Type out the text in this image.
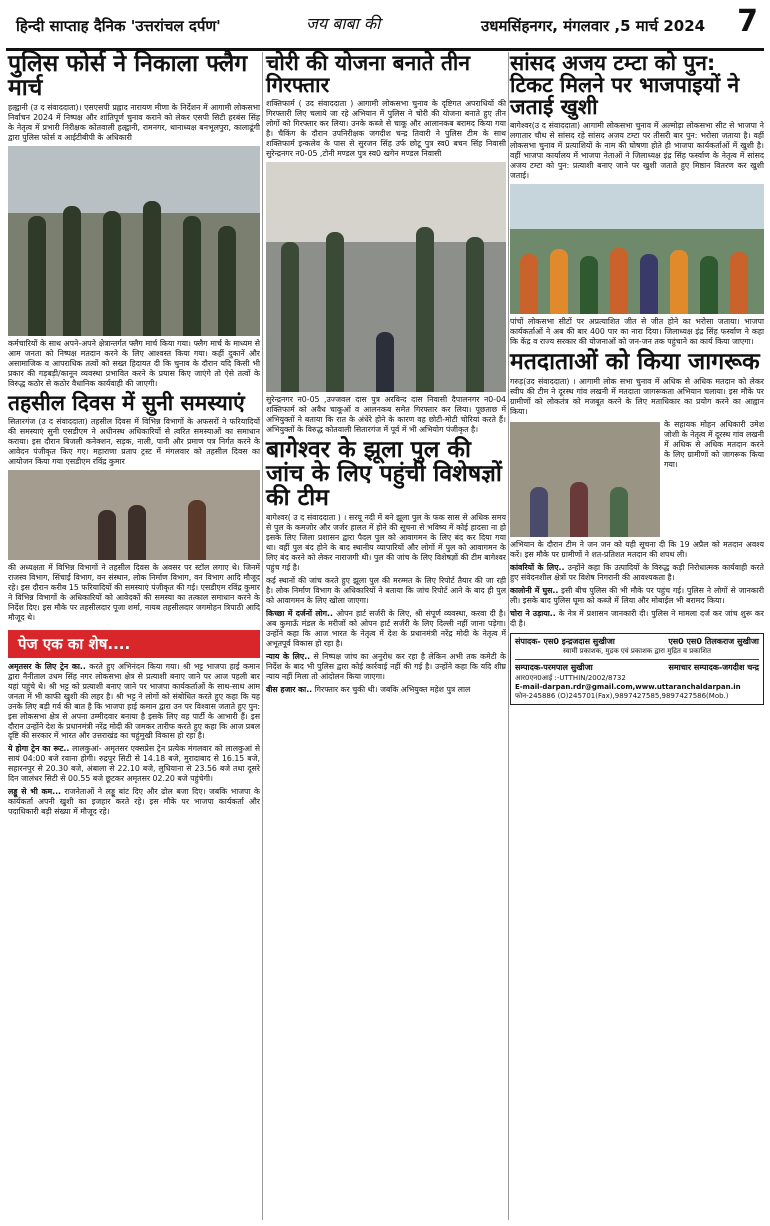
हिन्दी साप्ताह दैनिक 'उत्तरांचल दर्पण'	जय बाबा की	उधमसिंहनगर, मंगलवार ,5 मार्च 2024 7
पुलिस फोर्स ने निकाला फ्लैग मार्च

हल्द्वानी (उ द संवाददाता)। एसएसपी प्रह्लाद नारायण मीणा के निर्देशन में आगामी लोकसभा निर्वाचन 2024 में निष्पक्ष और शांतिपूर्ण चुनाव कराने को लेकर एसपी सिटी हरबंस सिंह के नेतृत्व में प्रभारी निरीक्षक कोतवाली हल्द्वानी, रामनगर, थानाध्यक्ष बनभूलपुरा, कालाढूंगी द्वारा पुलिस फोर्स व आईटीबीपी के अधिकारी

कर्मचारियों के साथ अपने-अपने क्षेत्रान्तर्गत फ्लैग मार्च किया गया। फ्लैग मार्च के माध्यम से आम जनता को निष्पक्ष मतदान करने के लिए आश्वस्त किया गया। कहीं दुकानें और असामाजिक व आपराधिक तत्वों को सख्त हिदायत दी कि चुनाव के दौरान यदि किसी भी प्रकार की गड़बड़ी/कानून व्यवस्था प्रभावित करने के प्रयास किए जाएंगे तो ऐसे तत्वों के विरुद्ध कठोर से कठोर वैधानिक कार्यवाही की जाएगी।

तहसील दिवस में सुनी समस्याएं

सितारगंज (उ द संवाददाता) तहसील दिवस में विभिन्न विभागों के अफसरों ने फरियादियों की समस्याएं सुनी एसडीएम ने अधीनस्थ अधिकारियों से त्वरित समस्याओं का समाधान कराया। इस दौरान बिजली कनेक्शन, सड़क, नाली, पानी और प्रमाण पत्र निर्गत करने के आवेदन पंजीकृत किए गए। महाराणा प्रताप ट्रस्ट में मंगलवार को तहसील दिवस का आयोजन किया गया एसडीएम रविंद्र कुमार

की अध्यक्षता में विभिन्न विभागों ने तहसील दिवस के अवसर पर स्टॉल लगाए थे। जिनमें राजस्व विभाग, सिंचाई विभाग, वन संस्थान, लोक निर्माण विभाग, वन विभाग आदि मौजूद रहे। इस दौरान करीब 15 फरियादियों की समस्याएं पंजीकृत की गई। एसडीएम रविंद्र कुमार ने विभिन्न विभागों के अधिकारियों को आवेदकों की समस्या का तत्काल समाधान करने के निर्देश दिए। इस मौके पर तहसीलदार पूजा शर्मा, नायब तहसीलदार जगमोहन त्रिपाठी आदि मौजूद थे।

पेज एक का शेष....

अमृतसर के लिए ट्रेन का.. करते हुए अभिनंदन किया गया। श्री भट्ट भाजपा हाई कमान द्वारा नैनीताल उधम सिंह नगर लोकसभा क्षेत्र से प्रत्याशी बनाए जाने पर आज पहली बार यहां पहुंचे थे। श्री भट्ट को प्रत्याशी बनाए जाने पर भाजपा कार्यकर्ताओं के साथ-साथ आम जनता में भी काफी खुशी की लहर है। श्री भट्ट ने लोगों को संबोधित करते हुए कहा कि यह उनके लिए बड़ी गर्व की बात है कि भाजपा हाई कमान द्वारा उन पर विश्वास जताते हुए पुन: इस लोकसभा क्षेत्र से अपना उम्मीदवार बनाया है इसके लिए वह पार्टी के आभारी हैं। इस दौरान उन्होंने देश के प्रधानमंत्री नरेंद्र मोदी की जमकर तारीफ करते हुए कहा कि आज प्रबल दृष्टि की सरकार में भारत और उत्तराखंड का चहुंमुखी विकास हो रहा है।

ये होगा ट्रेन का रूट.. लालकुआं- अमृतसर एक्सप्रेस ट्रेन प्रत्येक मंगलवार को लालकुआं से सायं 04:00 बजे रवाना होगी। रुद्रपुर सिटी से 14.18 बजे, मुरादाबाद से 16.15 बजे, सहारनपुर से 20.30 बजे, अंबाला से 22.10 बजे, लुधियाना से 23.56 बजे तथा दूसरे दिन जालंधर सिटी से 00.55 बजे छूटकर अमृतसर 02.20 बजे पहुंचेगी।

लड्डू से भी कम... राजनेताओं ने लड्डू बांट दिए और ढोल बजा दिए। जबकि भाजपा के कार्यकर्ता अपनी खुशी का इजहार करते रहे। इस मौके पर भाजपा कार्यकर्ता और पदाधिकारी बड़ी संख्या में मौजूद रहे।

चोरी की योजना बनाते तीन गिरफ्तार

शक्तिफार्म ( उद संवाददाता ) आगामी लोकसभा चुनाव के दृष्टिगत अपराधियों की गिरफ्तारी लिए चलाये जा रहे अभियान में पुलिस ने चोरी की योजना बनाते हुए तीन लोगों को गिरफ्तार कर लिया। उनके कब्जे से चाकू और आलानकब बरामद किया गया है। चैकिंग के दौरान उपनिरीक्षक जगदीश चन्द्र तिवारी ने पुलिस टीम के साथ शक्तिफार्म इन्कलेव के पास से सुरजन सिंह उर्फ छोटू पुत्र स्व0 बचन सिंह निवासी सुरेन्द्रनगर न0-05 ,टोनी मण्डल पुत्र स्व0 खगेन मण्डल निवासी

सुरेन्द्रनगर न0-05 ,उज्जवल दास पुत्र अरविन्द दास निवासी दैपालनगर न0-04 शक्तिफार्म को अवैध चाकूओं व आलनकब समेत गिरफ्तार कर लिया। पूछताछ में अभियुक्तों ने बताया कि रात के अंधेरे होने के कारण वह छोटी-मोटी चोरियां करते हैं। अभियुक्तों के विरुद्ध कोतवाली सितारगंज में पूर्व में भी अभियोग पंजीकृत है।

बागेश्वर के झूला पुल की जांच के लिए पहुंची विशेषज्ञों की टीम

बागेश्वर( उ द संवाददाता ) । सरयू नदी में बने झूला पुल के फक सास से अधिक समय से पुल के कमजोर और जर्जर हालत में होने की सूचना से भविष्य में कोई हादसा ना हो इसके लिए जिला प्रशासन द्वारा पैदल पुल को आवागमन के लिए बंद कर दिया गया था। वहीं पुल बंद होने के बाद स्थानीय व्यापारियों और लोगों में पुल को आवागमन के लिए बंद करने को लेकर नाराजगी थी। पुल की जांच के लिए विशेषज्ञों की टीम बागेश्वर पहुंच गई है।

कई स्थानों की जांच करते हुए झूला पुल की मरम्मत के लिए रिपोर्ट तैयार की जा रही है। लोक निर्माण विभाग के अधिकारियों ने बताया कि जांच रिपोर्ट आने के बाद ही पुल को आवागमन के लिए खोला जाएगा।

किच्छा में दर्जनों लोग.. ओपन हार्ट सर्जरी के लिए, श्री संपूर्ण व्यवस्था, करवा दी है। अब कुमाऊँ मंडल के मरीजों को ओपन हार्ट सर्जरी के लिए दिल्ली नहीं जाना पड़ेगा। उन्होंने कहा कि आज भारत के नेतृत्व में देश के प्रधानमंत्री नरेंद्र मोदी के नेतृत्व में अभूतपूर्व विकास हो रहा है।

न्याय के लिए.. से निष्पक्ष जांच का अनुरोध कर रहा है लेकिन अभी तक कमेटी के निर्देश के बाद भी पुलिस द्वारा कोई कार्रवाई नहीं की गई है। उन्होंने कहा कि यदि शीघ्र न्याय नहीं मिला तो आंदोलन किया जाएगा।

वीस हजार का.. गिरफ्तार कर चुकी थी। जबकि अभियुक्त महेश पुत्र लाल

सांसद अजय टम्टा को पुन: टिकट मिलने पर भाजपाइयों ने जताई खुशी

बागेश्वर(उ द संवाददाता) आगामी लोकसभा चुनाव में अल्मोड़ा लोकसभा सीट से भाजपा ने लगातार चौथ से सांसद रहे सांसद अजय टम्टा पर तीसरी बार पुन: भरोसा जताया है। वहीं लोकसभा चुनाव में प्रत्याशियों के नाम की घोषणा होते ही भाजपा कार्यकर्ताओं में खुशी है। वहीं भाजपा कार्यालय में भाजपा नेताओं ने जिलाध्यक्ष इंद्र सिंह फर्स्वाण के नेतृत्व में सांसद अजय टम्टा को पुन: प्रत्याशी बनाए जाने पर खुशी जताते हुए मिष्ठान वितरण कर खुशी जताई।

पांचों लोकसभा सीटों पर अप्रत्याशित जीत से जीत होने का भरोसा जताया। भाजपा कार्यकर्ताओं ने अब की बार 400 पार का नारा दिया। जिलाध्यक्ष इंद्र सिंह फर्स्वाण ने कहा कि केंद्र व राज्य सरकार की योजनाओं को जन-जन तक पहुंचाने का कार्य किया जाएगा।

मतदाताओं को किया जागरूक

गरुड़(उद संवाददाता) । आगामी लोक सभा चुनाव में अधिक से अधिक मतदान को लेकर स्वीप की टीम ने दूरस्थ गांव लखनी में मतदाता जागरूकता अभियान चलाया। इस मौके पर ग्रामीणों को लोकतंत्र को मजबूत करने के लिए मताधिकार का प्रयोग करने का आह्वान किया।

के सहायक मोहन अधिकारी उमेश जोशी के नेतृत्व में दूरस्थ गांव लखनी में अधिक से अधिक मतदान करने के लिए ग्रामीणों को जागरूक किया गया।

अभियान के दौरान टीम ने जन जन को यही सूचना दी कि 19 अप्रैल को मतदान अवश्य करें। इस मौके पर ग्रामीणों ने शत-प्रतिशत मतदान की शपथ ली।

कांवरियों के लिए.. उन्होंने कहा कि उत्पादियों के विरुद्ध कड़ी निरोधात्मक कार्यवाही करते हुए संवेदनशील क्षेत्रों पर विशेष निगरानी की आवश्यकता है।

कालोनी में घुस.. इसी बीच पुलिस की भी मौके पर पहुंच गई। पुलिस ने लोगों से जानकारी ली। इसके बाद पुलिस घूमा को कब्जे में लिया और मोबाईल भी बरामद किया।

चोरा ने उड़ाया.. के नेत्र में प्रशासन जानकारी दी। पुलिस ने मामला दर्ज कर जांच शुरू कर दी है।

संपादक- एस0 इन्द्रजदास सुखीजा	एस0 एस0 तिलकराज सुखीजा
स्वामी प्रकाशक, मुद्रक एवं प्रकाशक द्वारा मुद्रित व प्रकाशित
सम्पादक-परमपाल सुखीजा	समाचार सम्पादक-जगदीश चन्द्र
आर0एन0आई :-UTTHIN/2002/8732
E-mail-darpan.rdr@gmail.com,www.uttaranchaldarpan.in
फोन-245886 (O)245701(Fax),9897427585,9897427586(Mob.)
